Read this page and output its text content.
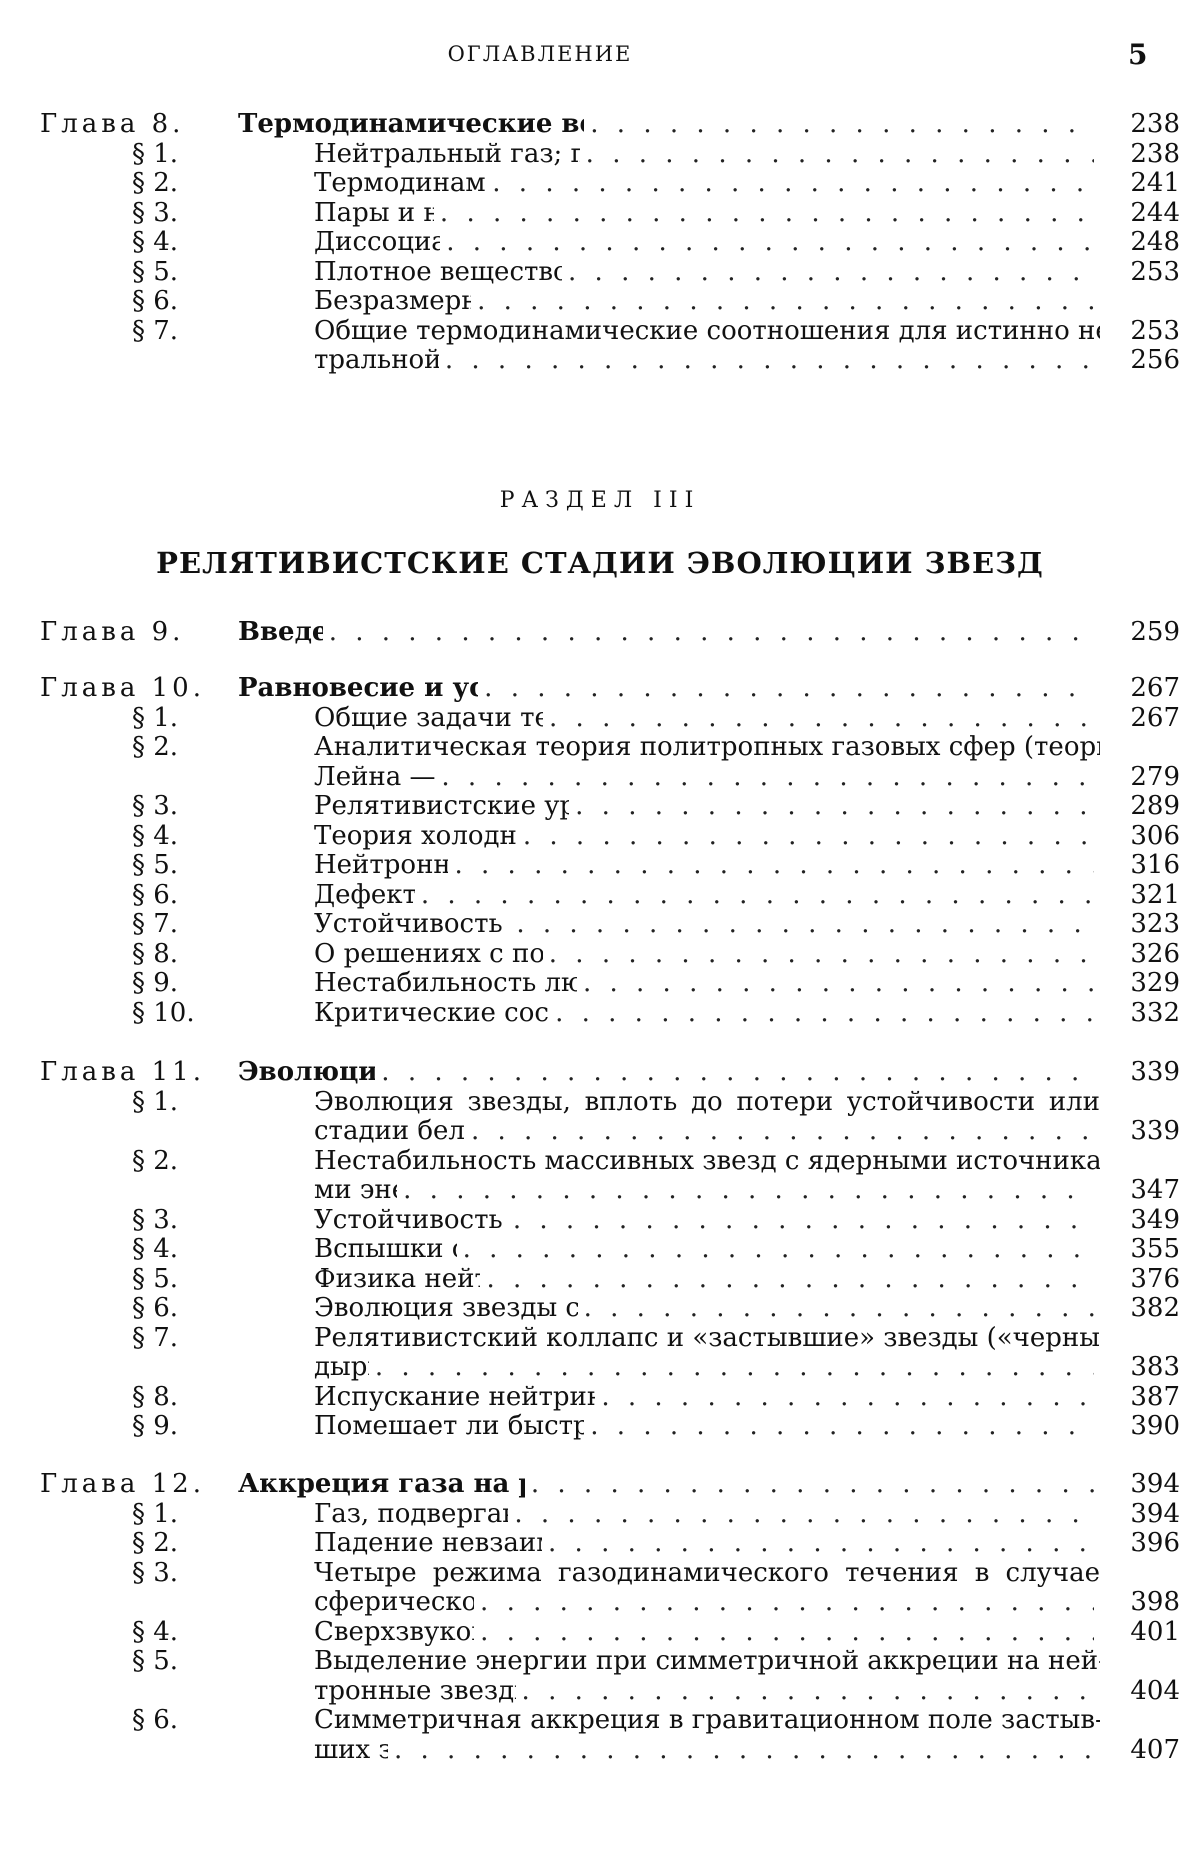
ОГЛАВЛЕНИЕ	5
Глава 8.	Термодинамические в . . . . . . . . . . . . . . . . . . .	238
§ 1.	Нейтральный газ; . . . . . . . . . . . . . . . . . . .	238
§ 2.	Термодинам . . . . . . . . . . . . . . . . . . . . . . .	241
§ 3.	Пары и . . . . . . . . . . . . . . . . . . . . . . . . .	244
§ 4.	Диссоци . . . . . . . . . . . . . . . . . . . . . . . .	248
§ 5.	Плотное вещество . . . . . . . . . . . . . . . . . . . .	253
§ 6.	Безразмер . . . . . . . . . . . . . . . . . . . . . . .
§ 7.	Общие термодинамические соотношения для истинно ней-
253
тральной . . . . . . . . . . . . . . . . . . . . . . . . .	256
РАЗДЕЛ III
РЕЛЯТИВИСТСКИЕ СТАДИИ ЭВОЛЮЦИИ ЗВЕЗД
Глава 9.	Введ . . . . . . . . . . . . . . . . . . . . . . . . . . . . .	259
Глава 10.	Равновесие и у . . . . . . . . . . . . . . . . . . . . . . .	267
§ 1.	Общие задачи т . . . . . . . . . . . . . . . . . . . . .	267
§ 2.	Аналитическая теория политропных газовых сфер (теория
Лейна — . . . . . . . . . . . . . . . . . . . . . . . . .	279
§ 3.	Релятивистские у . . . . . . . . . . . . . . . . . . . .	289
§ 4.	Теория холодн . . . . . . . . . . . . . . . . . . . . . .	306
§ 5.	Нейтрон . . . . . . . . . . . . . . . . . . . . . . . .	316
§ 6.	Дефект . . . . . . . . . . . . . . . . . . . . . . . . .	321
§ 7.	Устойчивость . . . . . . . . . . . . . . . . . . . . . .	323
§ 8.	О решениях с п . . . . . . . . . . . . . . . . . . . . .	326
§ 9.	Нестабильность л . . . . . . . . . . . . . . . . . . .	329
§ 10.	Критические сос . . . . . . . . . . . . . . . . . . . .	332
Глава 11.	Эволюц . . . . . . . . . . . . . . . . . . . . . . . . . . .	339
§ 1.	Эволюция звезды, вплоть до потери устойчивости или
стадии бел . . . . . . . . . . . . . . . . . . . . . . . .	339
§ 2.	Нестабильность массивных звезд с ядерными источника-
ми эн . . . . . . . . . . . . . . . . . . . . . . . . . .	347
§ 3.	Устойчивость . . . . . . . . . . . . . . . . . . . . . .	349
§ 4.	Вспышки . . . . . . . . . . . . . . . . . . . . . . . .	355
§ 5.	Физика ней . . . . . . . . . . . . . . . . . . . . . . .	376
§ 6.	Эволюция звезды	. . . . . . . . . . . . . . . . . . .	382
§ 7.	Релятивистский коллапс и «застывшие» звезды («черные
дыр . . . . . . . . . . . . . . . . . . . . . . . . . . .	383
§ 8.	Испускание нейтри . . . . . . . . . . . . . . . . . . .	387
§ 9.	Помешает ли быст . . . . . . . . . . . . . . . . . . .	390
Глава 12.	Аккреция газа на . . . . . . . . . . . . . . . . . . . . .	394
§ 1.	Газ, подверга . . . . . . . . . . . . . . . . . . . . . .	394
§ 2.	Падение невзаи . . . . . . . . . . . . . . . . . . . . .	396
§ 3.	Четыре режима газодинамического течения в случае
сферическ . . . . . . . . . . . . . . . . . . . . . . .	398
§ 4.	Сверхзвуко . . . . . . . . . . . . . . . . . . . . . . .	401
§ 5.	Выделение энергии при симметричной аккреции на ней-
тронные звезд . . . . . . . . . . . . . . . . . . . . . .	404
§ 6.	Симметричная аккреция в гравитационном поле застыв-
ших . . . . . . . . . . . . . . . . . . . . . . . . . .	407
